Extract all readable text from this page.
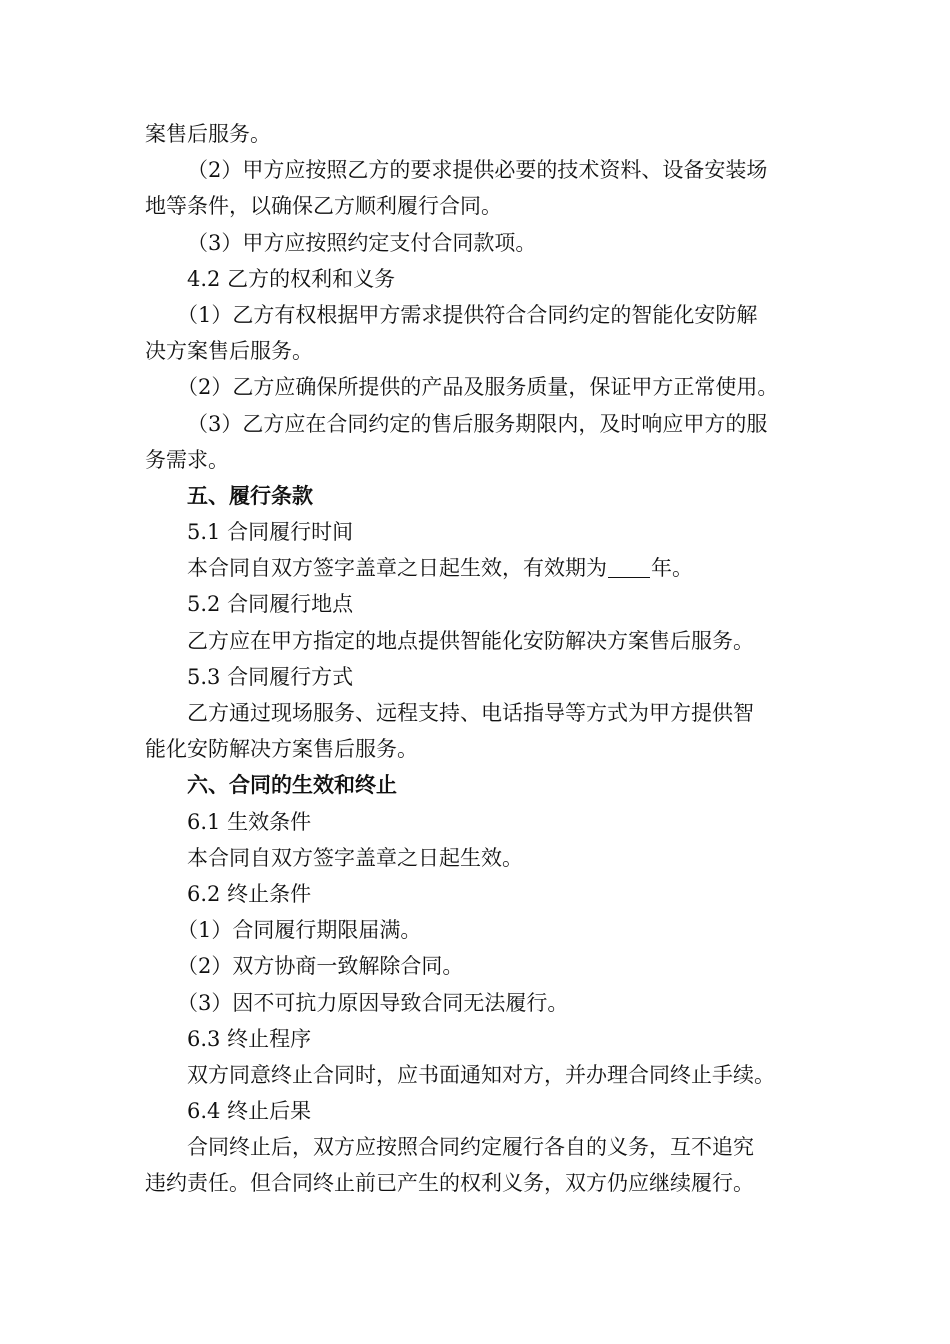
案售后服务。
（2）甲方应按照乙方的要求提供必要的技术资料、设备安装场
地等条件，以确保乙方顺利履行合同。
（3）甲方应按照约定支付合同款项。
4.2 乙方的权利和义务
（1）乙方有权根据甲方需求提供符合合同约定的智能化安防解
决方案售后服务。
（2）乙方应确保所提供的产品及服务质量，保证甲方正常使用。
（3）乙方应在合同约定的售后服务期限内，及时响应甲方的服
务需求。
五、履行条款
5.1 合同履行时间
本合同自双方签字盖章之日起生效，有效期为 年。
5.2 合同履行地点
乙方应在甲方指定的地点提供智能化安防解决方案售后服务。
5.3 合同履行方式
乙方通过现场服务、远程支持、电话指导等方式为甲方提供智
能化安防解决方案售后服务。
六、合同的生效和终止
6.1 生效条件
本合同自双方签字盖章之日起生效。
6.2 终止条件
（1）合同履行期限届满。
（2）双方协商一致解除合同。
（3）因不可抗力原因导致合同无法履行。
6.3 终止程序
双方同意终止合同时，应书面通知对方，并办理合同终止手续。
6.4 终止后果
合同终止后，双方应按照合同约定履行各自的义务，互不追究
违约责任。但合同终止前已产生的权利义务，双方仍应继续履行。
